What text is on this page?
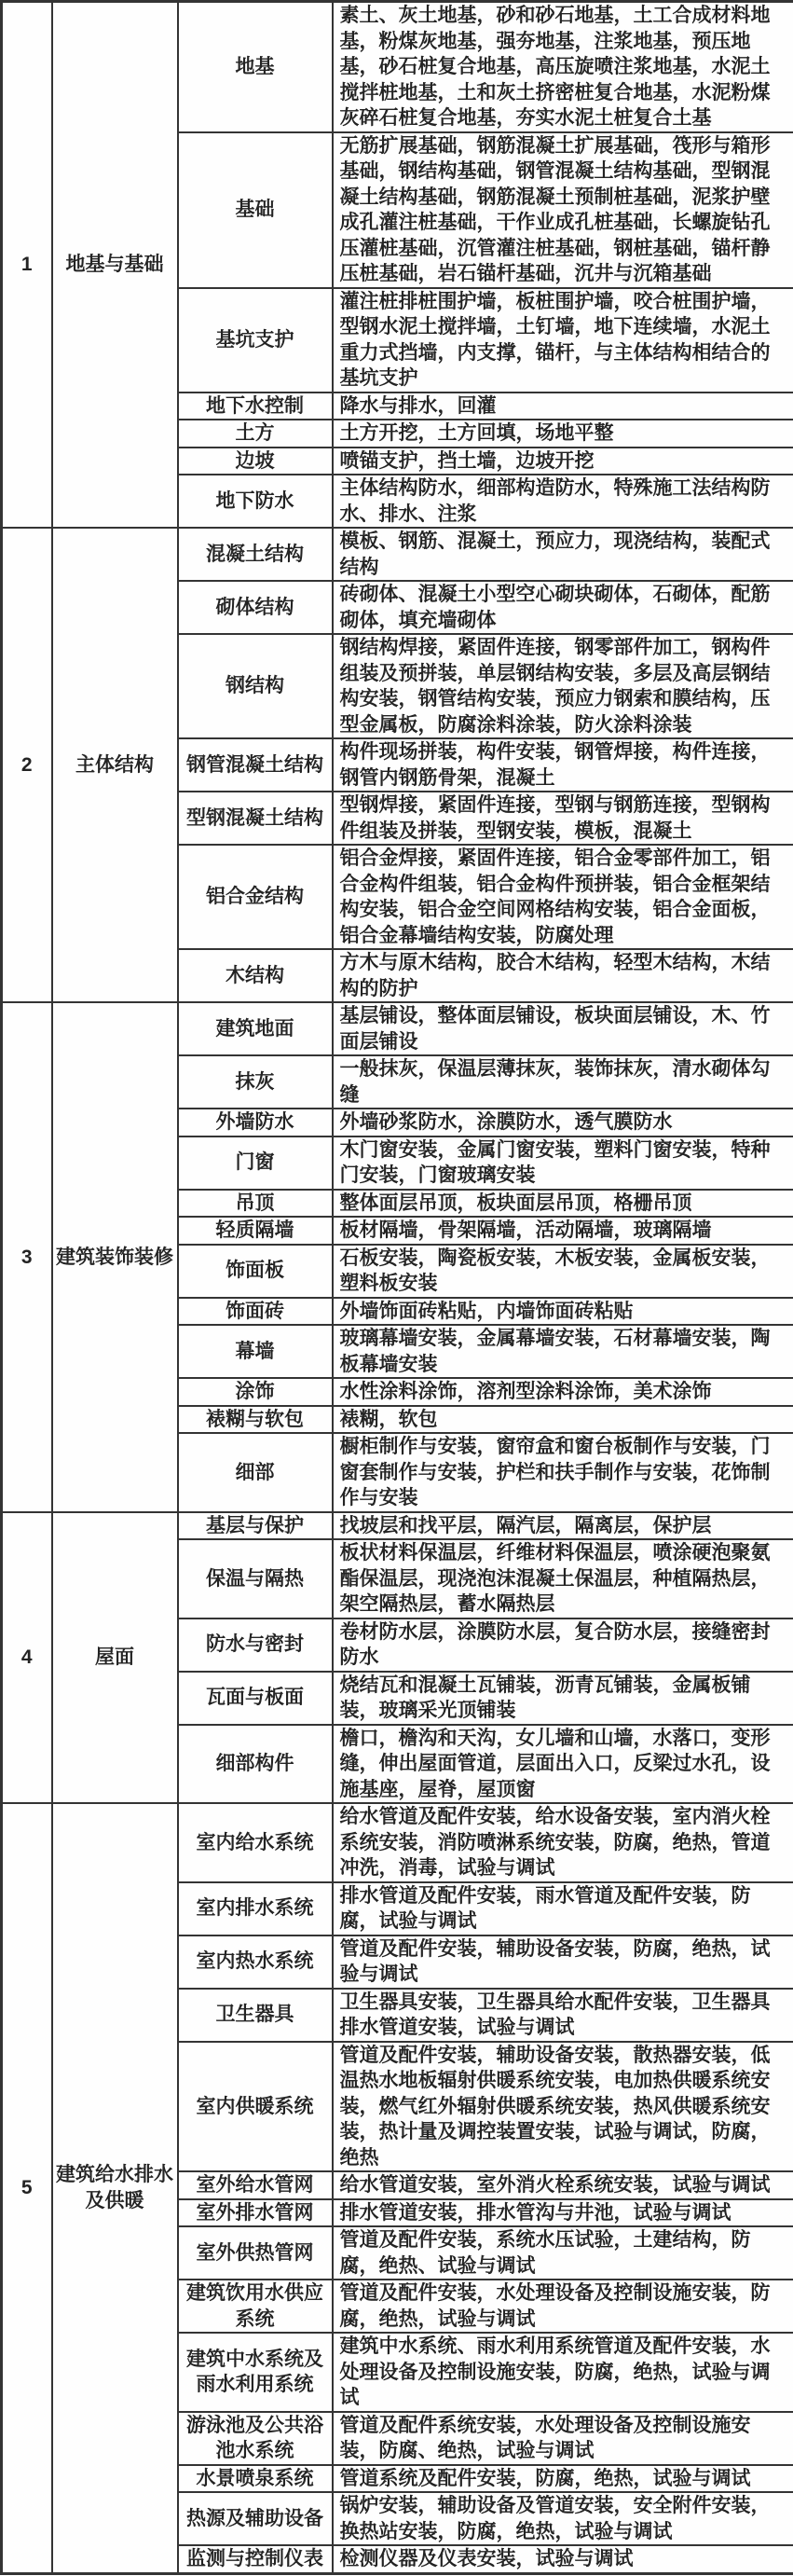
1	地基与基础	地基	素土、灰土地基，砂和砂石地基，土工合成材料地基，粉煤灰地基，强夯地基，注浆地基，预压地基，砂石桩复合地基，高压旋喷注浆地基，水泥土搅拌桩地基，土和灰土挤密桩复合地基，水泥粉煤灰碎石桩复合地基，夯实水泥土桩复合土基
		基础	无筋扩展基础，钢筋混凝土扩展基础，筏形与箱形基础，钢结构基础，钢管混凝土结构基础，型钢混凝土结构基础，钢筋混凝土预制桩基础，泥浆护壁成孔灌注桩基础，干作业成孔桩基础，长螺旋钻孔压灌桩基础，沉管灌注桩基础，钢桩基础，锚杆静压桩基础，岩石锚杆基础，沉井与沉箱基础
		基坑支护	灌注桩排桩围护墙，板桩围护墙，咬合桩围护墙，型钢水泥土搅拌墙，土钉墙，地下连续墙，水泥土重力式挡墙，内支撑，锚杆，与主体结构相结合的基坑支护
		地下水控制	降水与排水，回灌
		土方	土方开挖，土方回填，场地平整
		边坡	喷锚支护，挡土墙，边坡开挖
		地下防水	主体结构防水，细部构造防水，特殊施工法结构防水、排水、注浆
2	主体结构	混凝土结构	模板、钢筋、混凝土，预应力，现浇结构，装配式结构
		砌体结构	砖砌体、混凝土小型空心砌块砌体，石砌体，配筋砌体，填充墙砌体
		钢结构	钢结构焊接，紧固件连接，钢零部件加工，钢构件组装及预拼装，单层钢结构安装，多层及高层钢结构安装，钢管结构安装，预应力钢索和膜结构，压型金属板，防腐涂料涂装，防火涂料涂装
		钢管混凝土结构	构件现场拼装，构件安装，钢管焊接，构件连接，钢管内钢筋骨架，混凝土
		型钢混凝土结构	型钢焊接，紧固件连接，型钢与钢筋连接，型钢构件组装及拼装，型钢安装，模板，混凝土
		铝合金结构	铝合金焊接，紧固件连接，铝合金零部件加工，铝合金构件组装，铝合金构件预拼装，铝合金框架结构安装，铝合金空间网格结构安装，铝合金面板，铝合金幕墙结构安装，防腐处理
		木结构	方木与原木结构，胶合木结构，轻型木结构，木结构的防护
3	建筑装饰装修	建筑地面	基层铺设，整体面层铺设，板块面层铺设，木、竹面层铺设
		抹灰	一般抹灰，保温层薄抹灰，装饰抹灰，清水砌体勾缝
		外墙防水	外墙砂浆防水，涂膜防水，透气膜防水
		门窗	木门窗安装，金属门窗安装，塑料门窗安装，特种门安装，门窗玻璃安装
		吊顶	整体面层吊顶，板块面层吊顶，格栅吊顶
		轻质隔墙	板材隔墙，骨架隔墙，活动隔墙，玻璃隔墙
		饰面板	石板安装，陶瓷板安装，木板安装，金属板安装，塑料板安装
		饰面砖	外墙饰面砖粘贴，内墙饰面砖粘贴
		幕墙	玻璃幕墙安装，金属幕墙安装，石材幕墙安装，陶板幕墙安装
		涂饰	水性涂料涂饰，溶剂型涂料涂饰，美术涂饰
		裱糊与软包	裱糊，软包
		细部	橱柜制作与安装，窗帘盒和窗台板制作与安装，门窗套制作与安装，护栏和扶手制作与安装，花饰制作与安装
4	屋面	基层与保护	找坡层和找平层，隔汽层，隔离层，保护层
		保温与隔热	板状材料保温层，纤维材料保温层，喷涂硬泡聚氨酯保温层，现浇泡沫混凝土保温层，种植隔热层，架空隔热层，蓄水隔热层
		防水与密封	卷材防水层，涂膜防水层，复合防水层，接缝密封防水
		瓦面与板面	烧结瓦和混凝土瓦铺装，沥青瓦铺装，金属板铺装，玻璃采光顶铺装
		细部构件	檐口，檐沟和天沟，女儿墙和山墙，水落口，变形缝，伸出屋面管道，层面出入口，反梁过水孔，设施基座，屋脊，屋顶窗
5	建筑给水排水及供暖	室内给水系统	给水管道及配件安装，给水设备安装，室内消火栓系统安装，消防喷淋系统安装，防腐，绝热，管道冲洗，消毒，试验与调试
		室内排水系统	排水管道及配件安装，雨水管道及配件安装，防腐，试验与调试
		室内热水系统	管道及配件安装，辅助设备安装，防腐，绝热，试验与调试
		卫生器具	卫生器具安装，卫生器具给水配件安装，卫生器具排水管道安装，试验与调试
		室内供暖系统	管道及配件安装，辅助设备安装，散热器安装，低温热水地板辐射供暖系统安装，电加热供暖系统安装，燃气红外辐射供暖系统安装，热风供暖系统安装，热计量及调控装置安装，试验与调试，防腐，绝热
		室外给水管网	给水管道安装，室外消火栓系统安装，试验与调试
		室外排水管网	排水管道安装，排水管沟与井池，试验与调试
		室外供热管网	管道及配件安装，系统水压试验，土建结构，防腐，绝热、试验与调试
		建筑饮用水供应系统	管道及配件安装，水处理设备及控制设施安装，防腐，绝热，试验与调试
		建筑中水系统及雨水利用系统	建筑中水系统、雨水利用系统管道及配件安装，水处理设备及控制设施安装，防腐，绝热，试验与调试
		游泳池及公共浴池水系统	管道及配件系统安装，水处理设备及控制设施安装，防腐、绝热，试验与调试
		水景喷泉系统	管道系统及配件安装，防腐，绝热，试验与调试
		热源及辅助设备	锅炉安装，辅助设备及管道安装，安全附件安装，换热站安装，防腐，绝热，试验与调试
		监测与控制仪表	检测仪器及仪表安装，试验与调试
